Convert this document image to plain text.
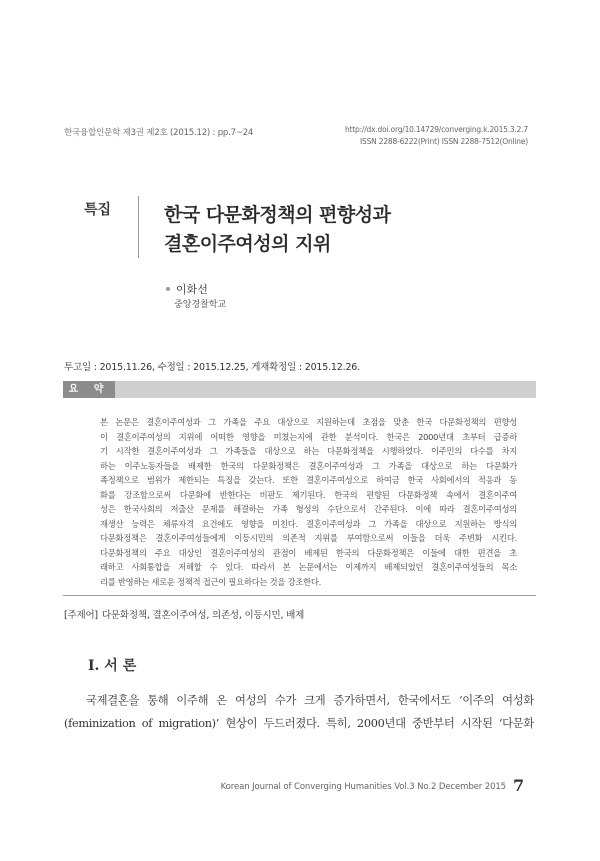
한국융합인문학 제3권 제2호 (2015.12) : pp.7~24	http://dx.doi.org/10.14729/converging.k.2015.3.2.7
ISSN 2288-6222(Print) ISSN 2288-7512(Online)
특집	한국 다문화정책의 편향성과
결혼이주여성의 지위
이화선
중앙경찰학교
투고일 : 2015.11.26, 수정일 : 2015.12.25, 게재확정일 : 2015.12.26.
요 약
본 논문은 결혼이주여성과 그 가족을 주요 대상으로 지원하는데 초점을 맞춘 한국 다문화정책의 편향성
이 결혼이주여성의 지위에 어떠한 영향을 미쳤는지에 관한 분석이다. 한국은 2000년대 초부터 급증하
기 시작한 결혼이주여성과 그 가족들을 대상으로 하는 다문화정책을 시행하였다. 이주민의 다수를 차지
하는 이주노동자들을 배제한 한국의 다문화정책은 결혼이주여성과 그 가족을 대상으로 하는 다문화가
족정책으로 범위가 제한되는 특징을 갖는다. 또한 결혼이주여성으로 하여금 한국 사회에서의 적응과 동
화를 강조함으로써 다문화에 반한다는 비판도 제기된다. 한국의 편향된 다문화정책 속에서 결혼이주여
성은 한국사회의 저출산 문제를 해결하는 가족 형성의 수단으로서 간주된다. 이에 따라 결혼이주여성의
재생산 능력은 체류자격 요건에도 영향을 미친다. 결혼이주여성과 그 가족을 대상으로 지원하는 방식의
다문화정책은 결혼이주여성들에게 이등시민의 의존적 지위를 부여함으로써 이들을 더욱 주변화 시킨다.
다문화정책의 주요 대상인 결혼이주여성의 관점이 배제된 한국의 다문화정책은 이들에 대한 편견을 초
래하고 사회통합을 저해할 수 있다. 따라서 본 논문에서는 이제까지 배제되었던 결혼이주여성들의 목소
리를 반영하는 새로운 정책적 접근이 필요하다는 것을 강조한다.
[주제어] 다문화정책, 결혼이주여성, 의존성, 이등시민, 배제
Ⅰ. 서 론
국제결혼을 통해 이주해 온 여성의 수가 크게 증가하면서, 한국에서도 ‘이주의 여성화
(feminization of migration)’ 현상이 두드러졌다. 특히, 2000년대 중반부터 시작된 ‘다문화
Korean Journal of Converging Humanities Vol.3 No.2 December 2015 7
